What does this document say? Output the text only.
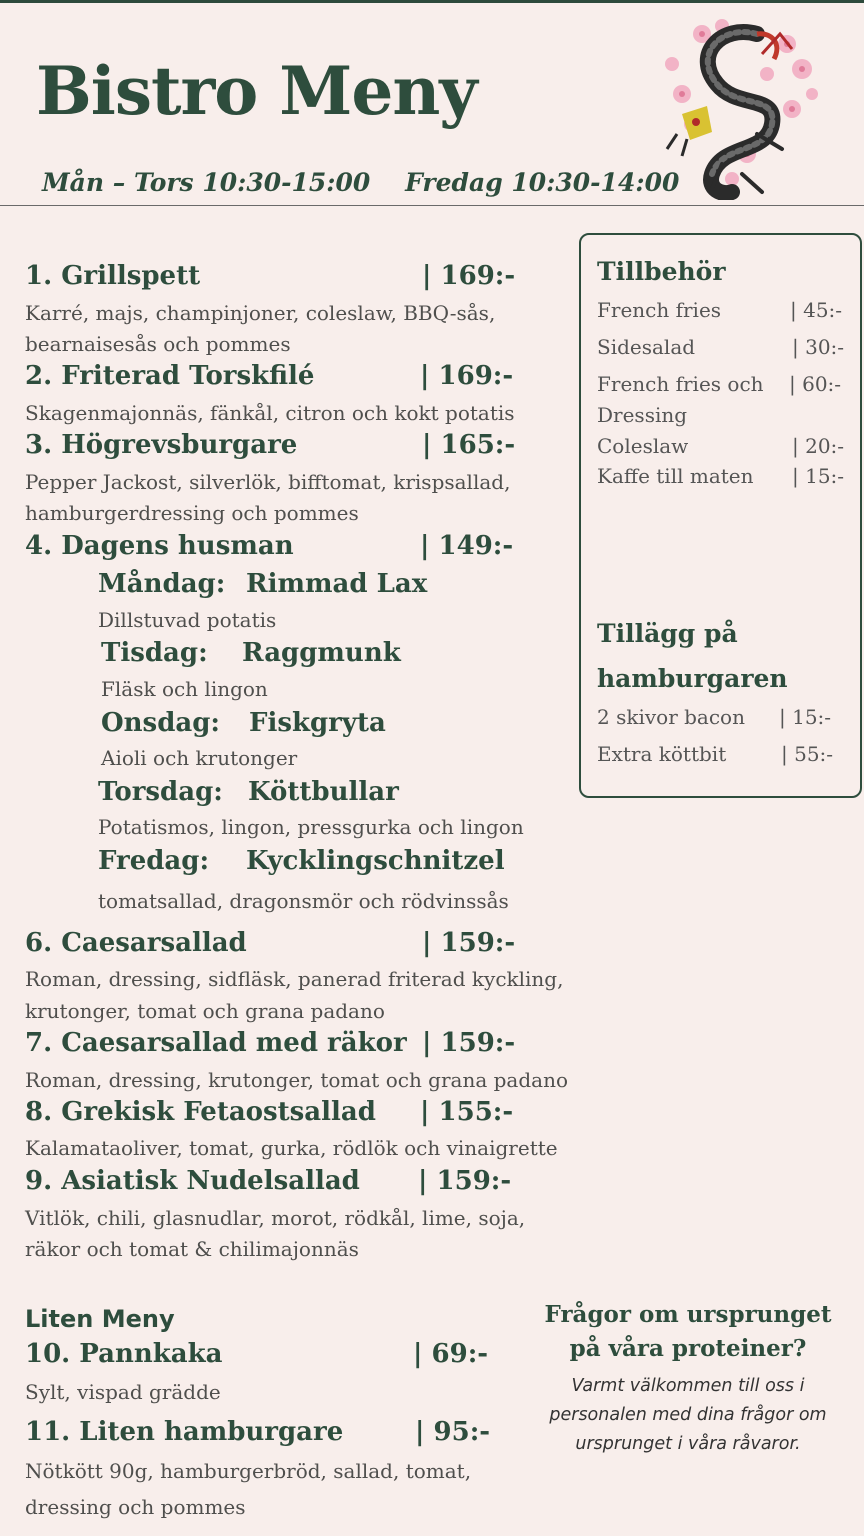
Bistro Meny
Mån – Tors 10:30-15:00    Fredag 10:30-14:00
1. Grillspett	| 169:-
Karré, majs, champinjoner, coleslaw, BBQ-sås,
bearnaisesås och pommes
2. Friterad Torskfilé	| 169:-
Skagenmajonnäs, fänkål, citron och kokt potatis
3. Högrevsburgare	| 165:-
Pepper Jackost, silverlök, bifftomat, krispsallad,
hamburgerdressing och pommes
4. Dagens husman	| 149:-
Måndag: Rimmad Lax
Dillstuvad potatis
Tisdag: Raggmunk
Fläsk och lingon
Onsdag: Fiskgryta
Aioli och krutonger
Torsdag: Köttbullar
Potatismos, lingon, pressgurka och lingon
Fredag: Kycklingschnitzel
tomatsallad, dragonsmör och rödvinssås
6. Caesarsallad	| 159:-
Roman, dressing, sidfläsk, panerad friterad kyckling,
krutonger, tomat och grana padano
7. Caesarsallad med räkor | 159:-
Roman, dressing, krutonger, tomat och grana padano
8. Grekisk Fetaostsallad | 155:-
Kalamataoliver, tomat, gurka, rödlök och vinaigrette
9. Asiatisk Nudelsallad | 159:-
Vitlök, chili, glasnudlar, morot, rödkål, lime, soja,
räkor och tomat & chilimajonnäs
Tillbehör
French fries	| 45:-
Sidesalad	| 30:-
French fries och | 60:-
Dressing
Coleslaw	| 20:-
Kaffe till maten | 15:-
Tillägg på
hamburgaren
2 skivor bacon | 15:-
Extra köttbit	| 55:-
Liten Meny
10. Pannkaka	| 69:-
Sylt, vispad grädde
11. Liten hamburgare	| 95:-
Nötkött 90g, hamburgerbröd, sallad, tomat,
dressing och pommes
Frågor om ursprunget
på våra proteiner?
Varmt välkommen till oss i
personalen med dina frågor om
ursprunget i våra råvaror.
